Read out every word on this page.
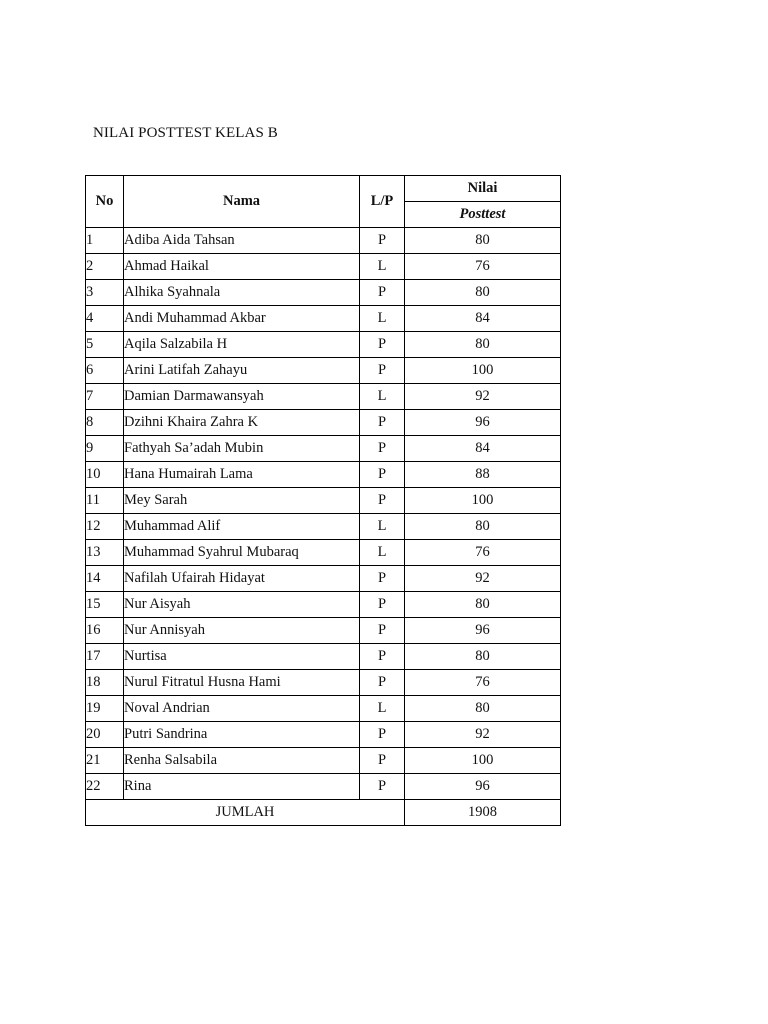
NILAI POSTTEST KELAS B
No	Nama	L/P	Nilai
			Posttest
1	Adiba Aida Tahsan	P	80
2	Ahmad Haikal	L	76
3	Alhika Syahnala	P	80
4	Andi Muhammad Akbar	L	84
5	Aqila Salzabila H	P	80
6	Arini Latifah Zahayu	P	100
7	Damian Darmawansyah	L	92
8	Dzihni Khaira Zahra K	P	96
9	Fathyah Sa’adah Mubin	P	84
10	Hana Humairah Lama	P	88
11	Mey Sarah	P	100
12	Muhammad Alif	L	80
13	Muhammad Syahrul Mubaraq	L	76
14	Nafilah Ufairah Hidayat	P	92
15	Nur Aisyah	P	80
16	Nur Annisyah	P	96
17	Nurtisa	P	80
18	Nurul Fitratul Husna Hami	P	76
19	Noval Andrian	L	80
20	Putri Sandrina	P	92
21	Renha Salsabila	P	100
22	Rina	P	96
JUMLAH			1908
